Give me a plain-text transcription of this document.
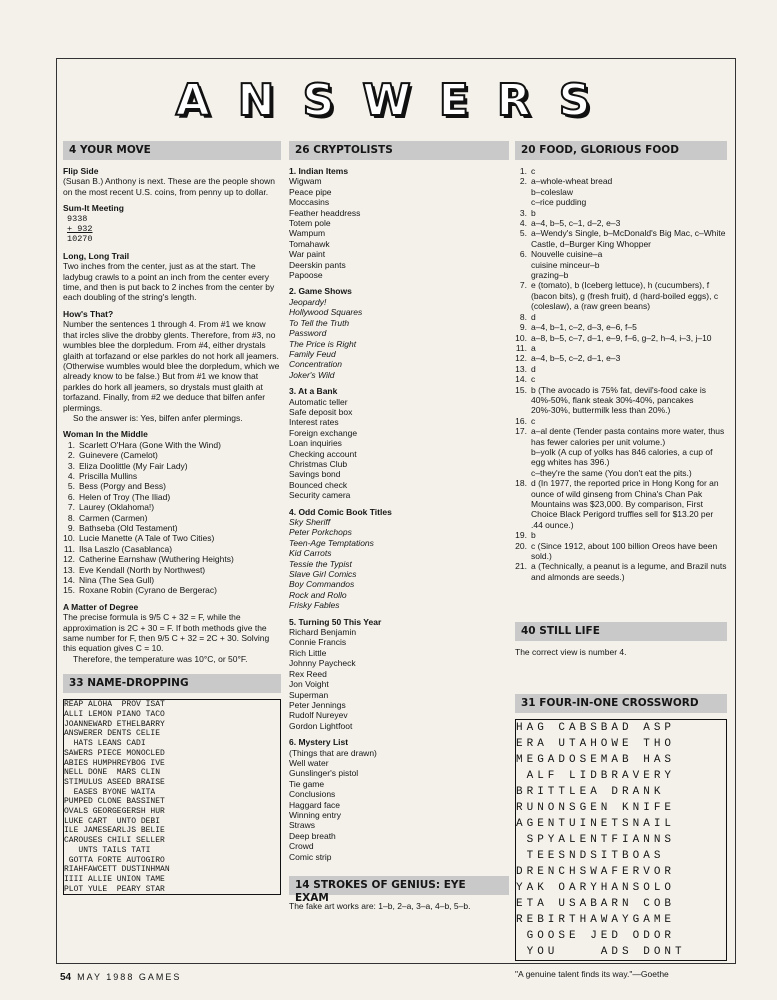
ANSWERS
4 YOUR MOVE
Flip Side

(Susan B.) Anthony is next. These are the people shown on the most recent U.S. coins, from penny up to dollar.

Sum-It Meeting
9338
+ 932
10270
Long, Long Trail

Two inches from the center, just as at the start. The ladybug crawls to a point an inch from the center every time, and then is put back to 2 inches from the center by each doubling of the string's length.

How's That?

Number the sentences 1 through 4. From #1 we know that ircles slive the drobby glents. Therefore, from #3, no wumbles blee the dorpledum. From #4, either drystals glaith at torfazand or else parkles do not hork all jeamers. (Otherwise wumbles would blee the dorpledum, which we already know to be false.) But from #1 we know that parkles do hork all jeamers, so drystals must glaith at torfazand. Finally, from #2 we deduce that bilfen anfer plermings.

So the answer is: Yes, bilfen anfer plermings.

Woman In the Middle
1. Scarlett O'Hara (Gone With the Wind)
2. Guinevere (Camelot)
3. Eliza Doolittle (My Fair Lady)
4. Priscilla Mullins
5. Bess (Porgy and Bess)
6. Helen of Troy (The Iliad)
7. Laurey (Oklahoma!)
8. Carmen (Carmen)
9. Bathseba (Old Testament)
10. Lucie Manette (A Tale of Two Cities)
11. Ilsa Laszlo (Casablanca)
12. Catherine Earnshaw (Wuthering Heights)
13. Eve Kendall (North by Northwest)
14. Nina (The Sea Gull)
15. Roxane Robin (Cyrano de Bergerac)
A Matter of Degree

The precise formula is 9/5 C + 32 = F, while the approximation is 2C + 30 = F. If both methods give the same number for F, then 9/5 C + 32 = 2C + 30. Solving this equation gives C = 10.

Therefore, the temperature was 10°C, or 50°F.

33 NAME-DROPPING
REAP ALOHA  PROV ISAT
ALLI LEMON PIANO TACO
JOANNEWARD ETHELBARRY
ANSWERER DENTS CELIE
HATS LEANS CADI
SAWERS PIECE MONOCLED
ABIES HUMPHREYBOG IVE
NELL DONE  MARS CLIN
STIMULUS ASEED BRAISE
EASES BYONE WAITA
PUMPED CLONE BASSINET
OVALS GEORGEGERSH HUR
LUKE CART  UNTO DEBI
ILE JAMESEARLJS BELIE
CAROUSES CHILI SELLER
UNTS TAILS TATI
GOTTA FORTE AUTOGIRO
RIAHFAWCETT DUSTINHMAN
IIII ALLIE UNION TAME
PLOT YULE  PEARY STAR
26 CRYPTOLISTS
1. Indian Items
Wigwam
Peace pipe
Moccasins
Feather headdress
Totem pole
Wampum
Tomahawk
War paint
Deerskin pants
Papoose
2. Game Shows
Jeopardy!
Hollywood Squares
To Tell the Truth
Password
The Price is Right
Family Feud
Concentration
Joker's Wild
3. At a Bank
Automatic teller
Safe deposit box
Interest rates
Foreign exchange
Loan inquiries
Checking account
Christmas Club
Savings bond
Bounced check
Security camera
4. Odd Comic Book Titles
Sky Sheriff
Peter Porkchops
Teen-Age Temptations
Kid Carrots
Tessie the Typist
Slave Girl Comics
Boy Commandos
Rock and Rollo
Frisky Fables
5. Turning 50 This Year
Richard Benjamin
Connie Francis
Rich Little
Johnny Paycheck
Rex Reed
Jon Voight
Superman
Peter Jennings
Rudolf Nureyev
Gordon Lightfoot
6. Mystery List
(Things that are drawn)
Well water
Gunslinger's pistol
Tie game
Conclusions
Haggard face
Winning entry
Straws
Deep breath
Crowd
Comic strip
14 STROKES OF GENIUS: EYE EXAM

The fake art works are: 1–b, 2–a, 3–a, 4–b, 5–b.

20 FOOD, GLORIOUS FOOD
1. c
2. a–whole-wheat bread
b–coleslaw
c–rice pudding
3. b
4. a–4, b–5, c–1, d–2, e–3
5. a–Wendy's Single, b–McDonald's Big Mac, c–White Castle, d–Burger King Whopper
6. Nouvelle cuisine–a
cuisine minceur–b
grazing–b
7. e (tomato), b (Iceberg lettuce), h (cucumbers), f (bacon bits), g (fresh fruit), d (hard-boiled eggs), c (coleslaw), a (raw green beans)
8. d
9. a–4, b–1, c–2, d–3, e–6, f–5
10. a–8, b–5, c–7, d–1, e–9, f–6, g–2, h–4, i–3, j–10
11. a
12. a–4, b–5, c–2, d–1, e–3
13. d
14. c
15. b (The avocado is 75% fat, devil's-food cake is 40%-50%, flank steak 30%-40%, pancakes 20%-30%, buttermilk less than 20%.)
16. c
17. a–al dente (Tender pasta contains more water, thus has fewer calories per unit volume.)
b–yolk (A cup of yolks has 846 calories, a cup of egg whites has 396.)
c–they're the same (You don't eat the pits.)
18. d (In 1977, the reported price in Hong Kong for an ounce of wild ginseng from China's Chan Pak Mountains was $23,000. By comparison, First Choice Black Perigord truffles sell for $13.20 per .44 ounce.)
19. b
20. c (Since 1912, about 100 billion Oreos have been sold.)
21. a (Technically, a peanut is a legume, and Brazil nuts and almonds are seeds.)
40 STILL LIFE

The correct view is number 4.

31 FOUR-IN-ONE CROSSWORD
HAG CABSBAD ASP
ERA UTAHOWE THO
MEGADOSEMAB HAS
ALF LIDBRAVERY
BRITTLEA DRANK
RUNONSGEN KNIFE
AGENTUINETSNAIL
SPYALENTFIANNS
TEESNDSITBOAS
DRENCHSWAFERVOR
YAK OARYHANSOLO
ETA USABARN COB
REBIRTHAWAYGAME
GOOSE JED ODOR
YOU    ADS DONT

"A genuine talent finds its way."—Goethe

54 MAY 1988 GAMES
